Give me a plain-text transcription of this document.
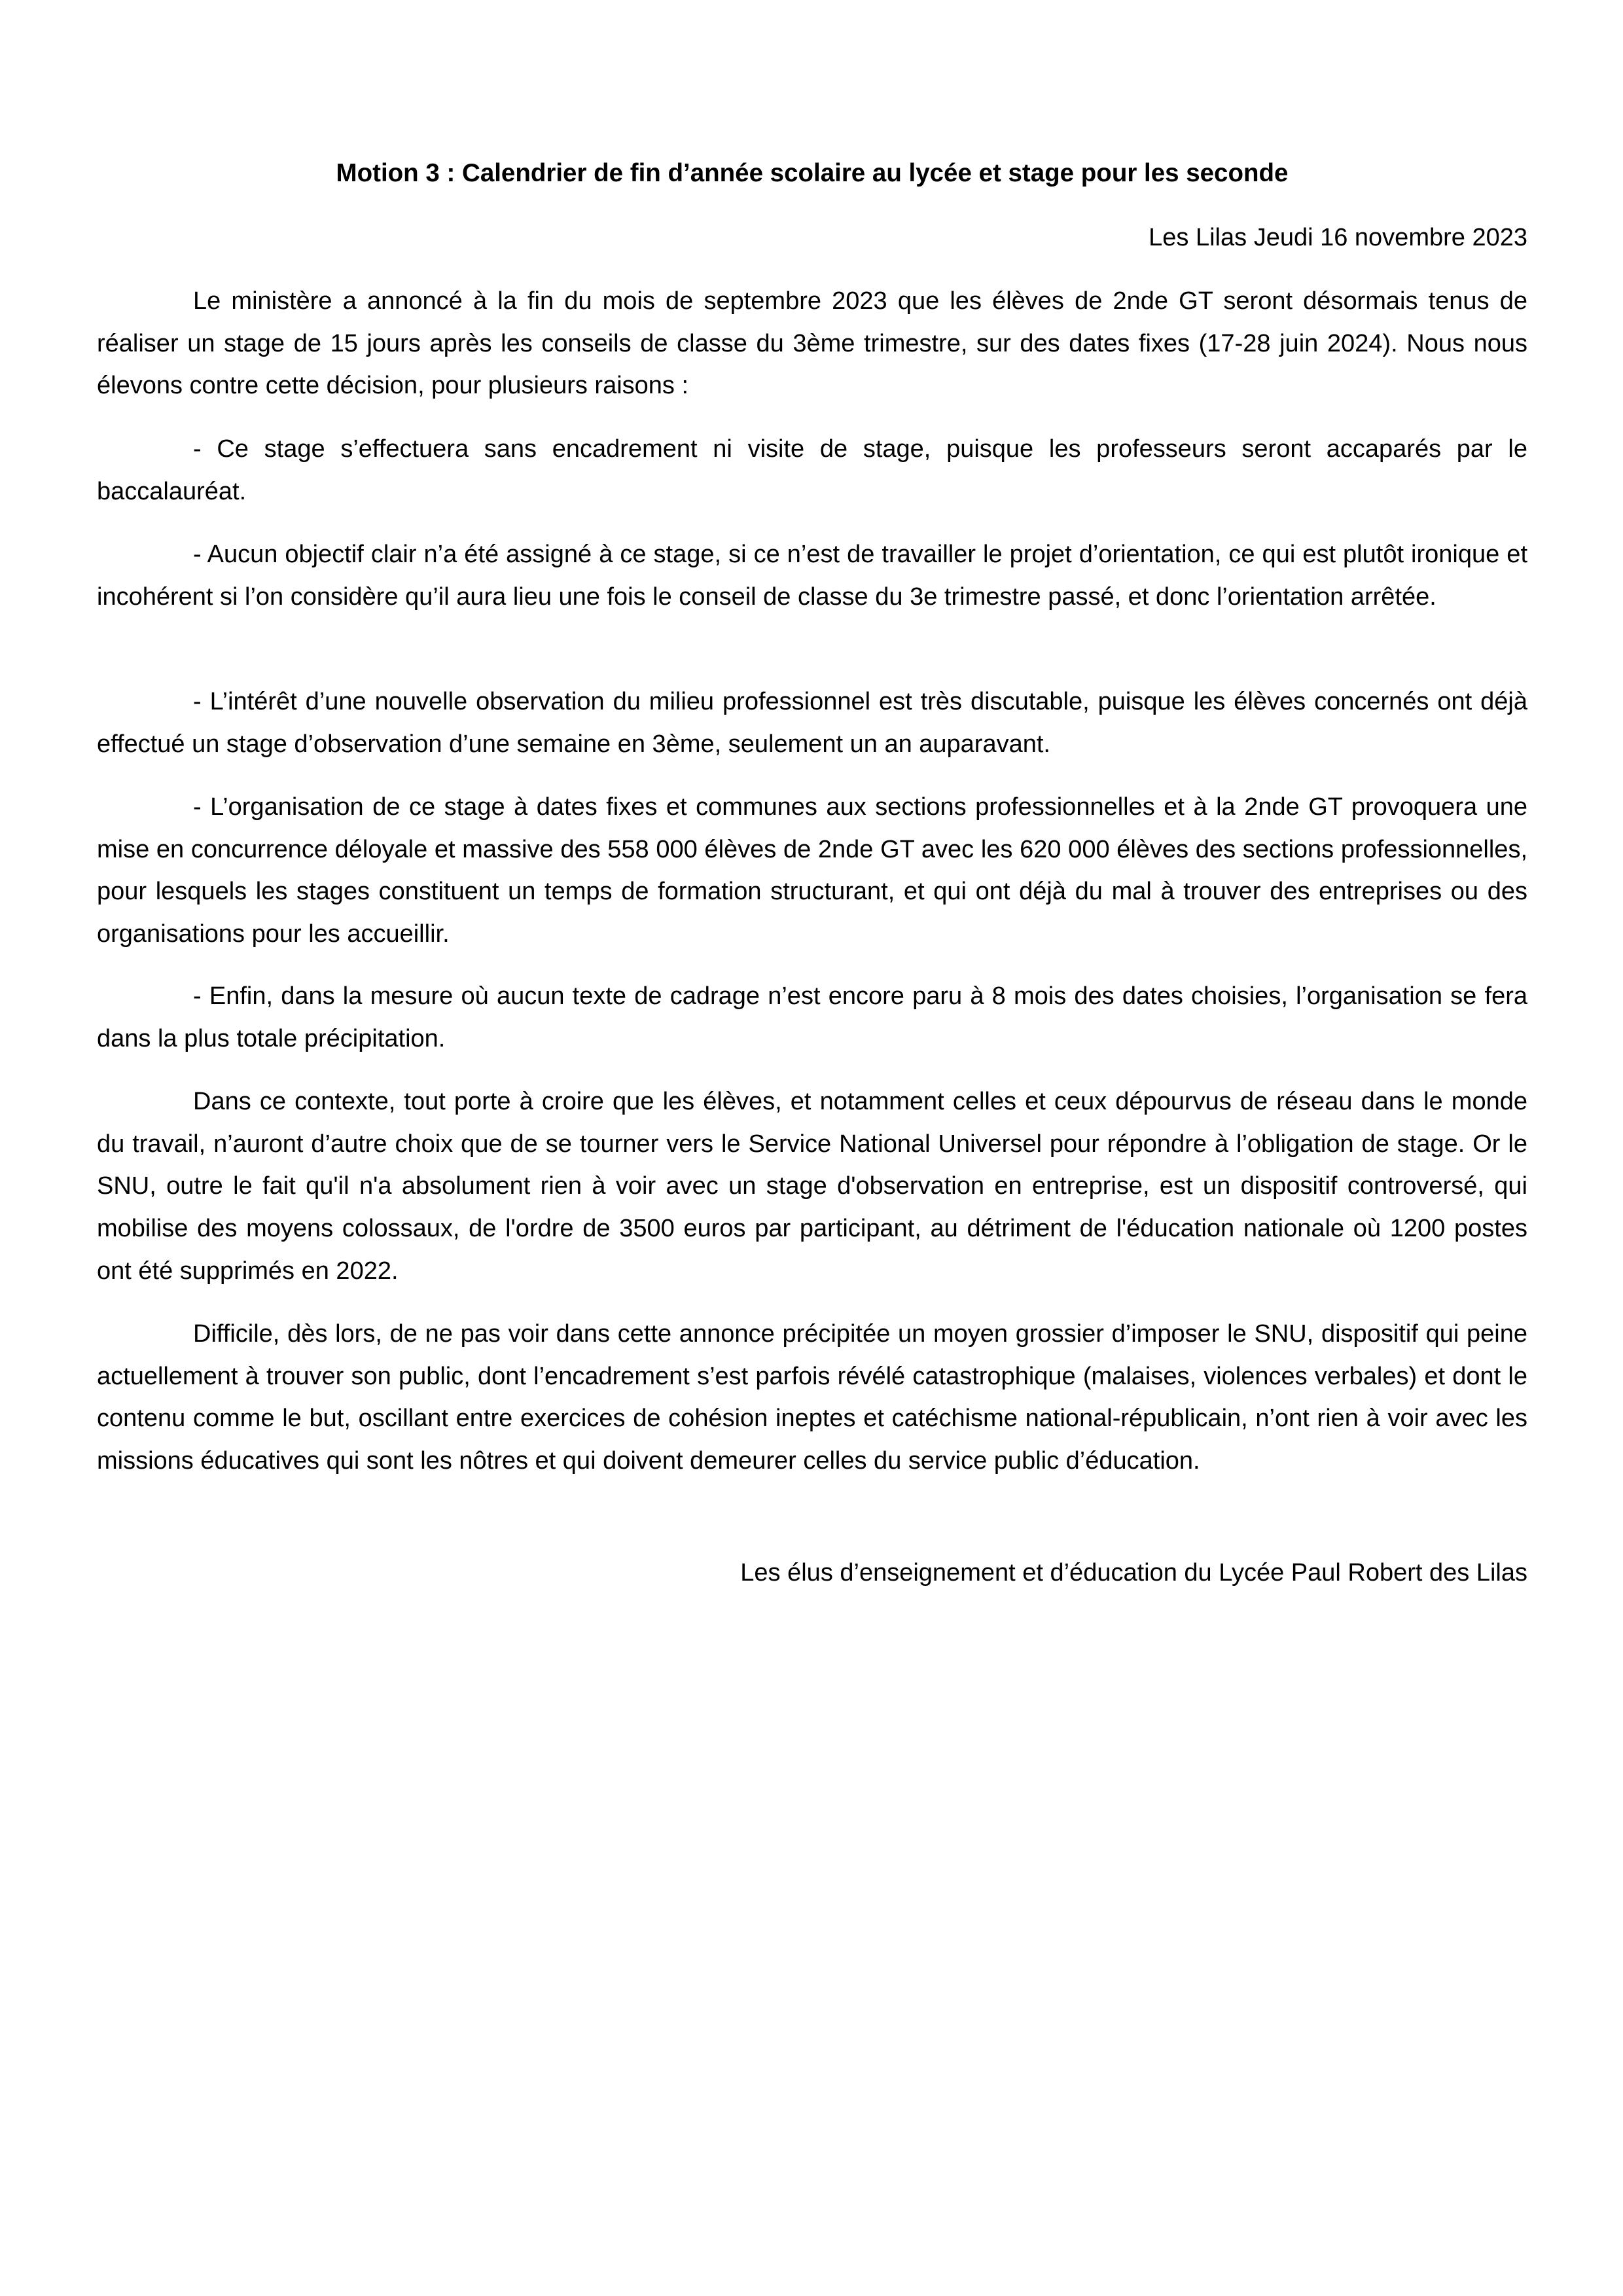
Motion 3 : Calendrier de fin d’année scolaire au lycée et stage pour les seconde
Les Lilas Jeudi 16 novembre 2023

Le ministère a annoncé à la fin du mois de septembre 2023 que les élèves de 2nde GT seront désormais tenus de réaliser un stage de 15 jours après les conseils de classe du 3ème trimestre, sur des dates fixes (17-28 juin 2024). Nous nous élevons contre cette décision, pour plusieurs raisons :

- Ce stage s’effectuera sans encadrement ni visite de stage, puisque les professeurs seront accaparés par le baccalauréat.

- Aucun objectif clair n’a été assigné à ce stage, si ce n’est de travailler le projet d’orientation, ce qui est plutôt ironique et incohérent si l’on considère qu’il aura lieu une fois le conseil de classe du 3e trimestre passé, et donc l’orientation arrêtée.

- L’intérêt d’une nouvelle observation du milieu professionnel est très discutable, puisque les élèves concernés ont déjà effectué un stage d’observation d’une semaine en 3ème, seulement un an auparavant.

- L’organisation de ce stage à dates fixes et communes aux sections professionnelles et à la 2nde GT provoquera une mise en concurrence déloyale et massive des 558 000 élèves de 2nde GT avec les 620 000 élèves des sections professionnelles, pour lesquels les stages constituent un temps de formation structurant, et qui ont déjà du mal à trouver des entreprises ou des organisations pour les accueillir.

- Enfin, dans la mesure où aucun texte de cadrage n’est encore paru à 8 mois des dates choisies, l’organisation se fera dans la plus totale précipitation.

Dans ce contexte, tout porte à croire que les élèves, et notamment celles et ceux dépourvus de réseau dans le monde du travail, n’auront d’autre choix que de se tourner vers le Service National Universel pour répondre à l’obligation de stage. Or le SNU, outre le fait qu'il n'a absolument rien à voir avec un stage d'observation en entreprise, est un dispositif controversé, qui mobilise des moyens colossaux, de l'ordre de 3500 euros par participant, au détriment de l'éducation nationale où 1200 postes ont été supprimés en 2022.

Difficile, dès lors, de ne pas voir dans cette annonce précipitée un moyen grossier d’imposer le SNU, dispositif qui peine actuellement à trouver son public, dont l’encadrement s’est parfois révélé catastrophique (malaises, violences verbales) et dont le contenu comme le but, oscillant entre exercices de cohésion ineptes et catéchisme national-républicain, n’ont rien à voir avec les missions éducatives qui sont les nôtres et qui doivent demeurer celles du service public d’éducation.

Les élus d’enseignement et d’éducation du Lycée Paul Robert des Lilas
